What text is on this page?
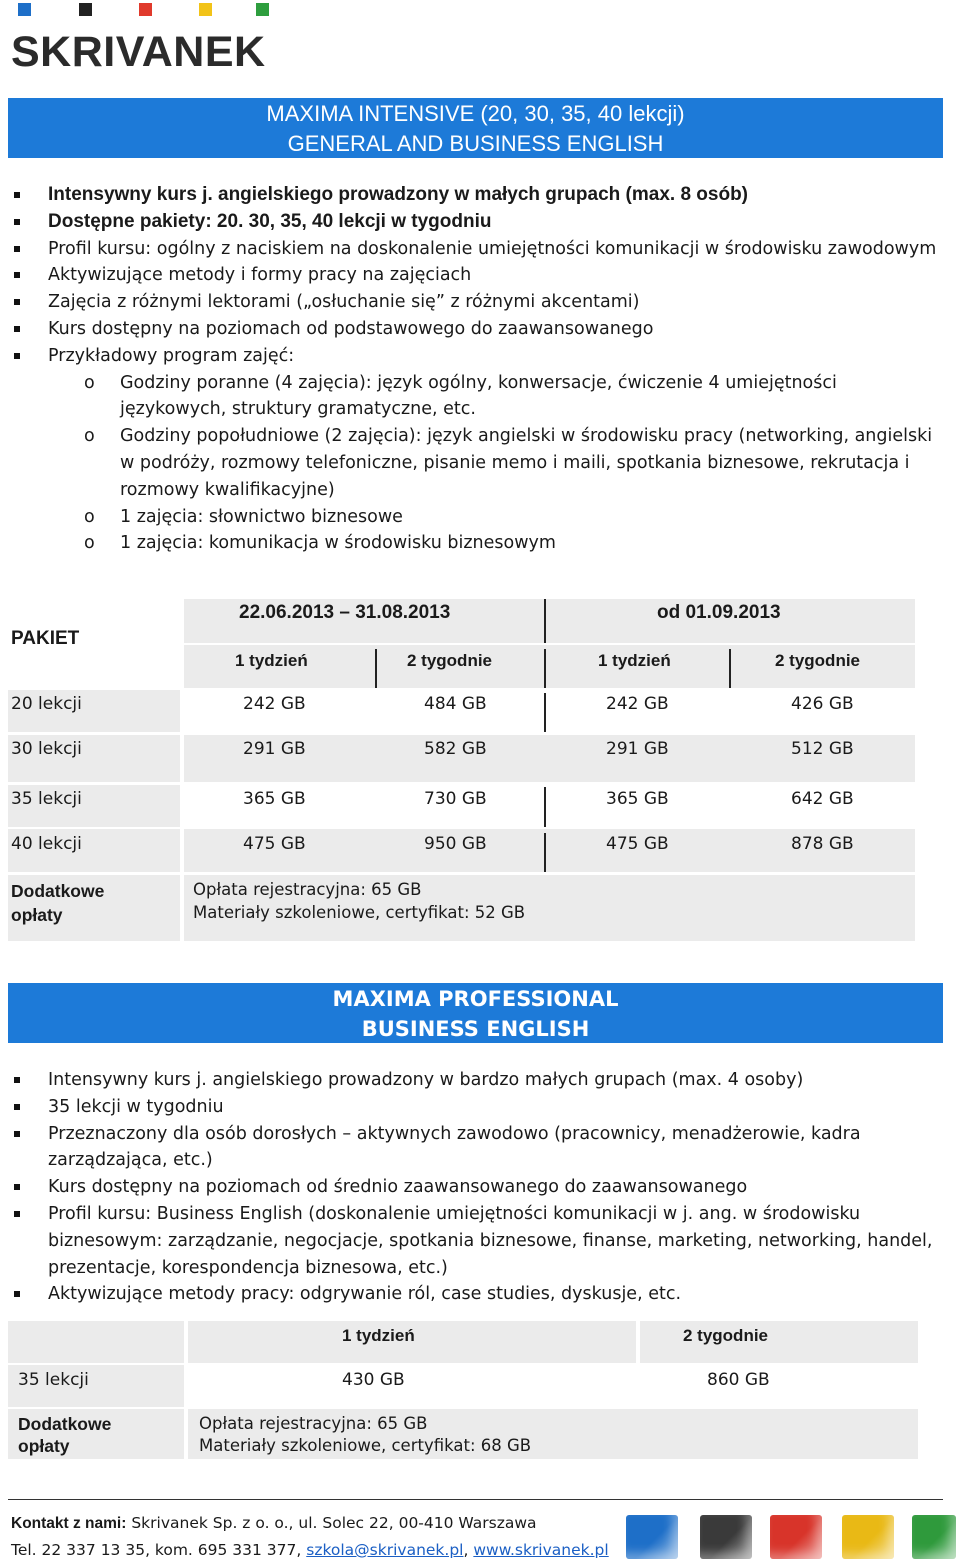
SKRIVANEK
MAXIMA INTENSIVE (20, 30, 35, 40 lekcji)
GENERAL AND BUSINESS ENGLISH
Intensywny kurs j. angielskiego prowadzony w małych grupach (max. 8 osób)
Dostępne pakiety: 20. 30, 35, 40 lekcji w tygodniu
Profil kursu: ogólny z naciskiem na doskonalenie umiejętności komunikacji w środowisku zawodowym
Aktywizujące metody i formy pracy na zajęciach
Zajęcia z różnymi lektorami („osłuchanie się” z różnymi akcentami)
Kurs dostępny na poziomach od podstawowego do zaawansowanego
Przykładowy program zajęć:
o Godziny poranne (4 zajęcia): język ogólny, konwersacje, ćwiczenie 4 umiejętności językowych, struktury gramatyczne, etc.
o Godziny popołudniowe (2 zajęcia): język angielski w środowisku pracy (networking, angielski w podróży, rozmowy telefoniczne, pisanie memo i maili, spotkania biznesowe, rekrutacja i rozmowy kwalifikacyjne)
o 1 zajęcia: słownictwo biznesowe
o 1 zajęcia: komunikacja w środowisku biznesowym
22.06.2013 – 31.08.2013	od 01.09.2013
PAKIET
1 tydzień	2 tygodnie	1 tydzień	2 tygodnie
20 lekcji	242 GB	484 GB	242 GB	426 GB
30 lekcji	291 GB	582 GB	291 GB	512 GB
35 lekcji	365 GB	730 GB	365 GB	642 GB
40 lekcji	475 GB	950 GB	475 GB	878 GB
Dodatkowe
opłaty
Opłata rejestracyjna: 65 GB
Materiały szkoleniowe, certyfikat: 52 GB
MAXIMA PROFESSIONAL
BUSINESS ENGLISH
Intensywny kurs j. angielskiego prowadzony w bardzo małych grupach (max. 4 osoby)
35 lekcji w tygodniu
Przeznaczony dla osób dorosłych – aktywnych zawodowo (pracownicy, menadżerowie, kadra zarządzająca, etc.)
Kurs dostępny na poziomach od średnio zaawansowanego do zaawansowanego
Profil kursu: Business English (doskonalenie umiejętności komunikacji w j. ang. w środowisku biznesowym: zarządzanie, negocjacje, spotkania biznesowe, finanse, marketing, networking, handel, prezentacje, korespondencja biznesowa, etc.)
Aktywizujące metody pracy: odgrywanie ról, case studies, dyskusje, etc.
1 tydzień	2 tygodnie
35 lekcji	430 GB	860 GB
Dodatkowe
opłaty
Opłata rejestracyjna: 65 GB
Materiały szkoleniowe, certyfikat: 68 GB
Kontakt z nami: Skrivanek Sp. z o. o., ul. Solec 22, 00-410 Warszawa
Tel. 22 337 13 35, kom. 695 331 377, szkola@skrivanek.pl, www.skrivanek.pl
